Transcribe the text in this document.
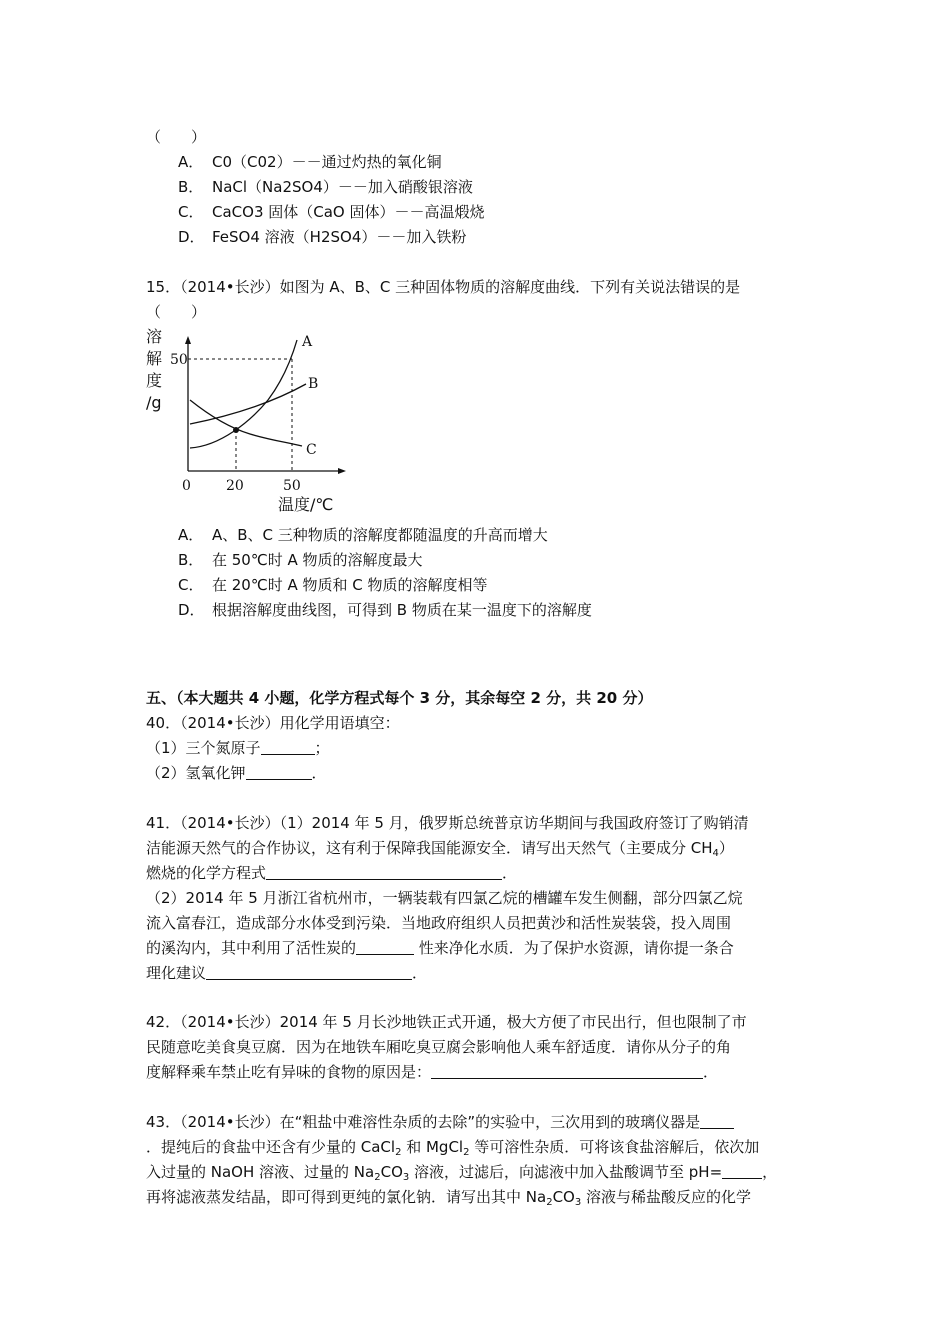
（　　）
A． C0（C02）－－通过灼热的氧化铜
B． NaCl（Na2SO4）－－加入硝酸银溶液
C． CaCO3 固体（CaO 固体）－－高温煅烧
D． FeSO4 溶液（H2SO4）－－加入铁粉
15．（2014•长沙）如图为 A、B、C 三种固体物质的溶解度曲线．下列有关说法错误的是
（　　）
溶
解
度
/g
A
B
C
50
0	20	50
温度/℃
A． A、B、C 三种物质的溶解度都随温度的升高而增大
B． 在 50℃时 A 物质的溶解度最大
C． 在 20℃时 A 物质和 C 物质的溶解度相等
D． 根据溶解度曲线图，可得到 B 物质在某一温度下的溶解度
五、（本大题共 4 小题，化学方程式每个 3 分，其余每空 2 分，共 20 分）
40．（2014•长沙）用化学用语填空：
（1）三个氮原子	；
（2）氢氧化钾	．
41．（2014•长沙）（1）2014 年 5 月，俄罗斯总统普京访华期间与我国政府签订了购销清
洁能源天然气的合作协议，这有利于保障我国能源安全．请写出天然气（主要成分 $CH_4$）
燃烧的化学方程式	．
（2）2014 年 5 月浙江省杭州市，一辆装载有四氯乙烷的槽罐车发生侧翻，部分四氯乙烷
流入富春江，造成部分水体受到污染．当地政府组织人员把黄沙和活性炭装袋，投入周围
的溪沟内，其中利用了活性炭的	性来净化水质．为了保护水资源，请你提一条合
理化建议	．
42．（2014•长沙）2014 年 5 月长沙地铁正式开通，极大方便了市民出行，但也限制了市
民随意吃美食臭豆腐．因为在地铁车厢吃臭豆腐会影响他人乘车舒适度．请你从分子的角
度解释乘车禁止吃有异味的食物的原因是：	．
43．（2014•长沙）在“粗盐中难溶性杂质的去除”的实验中，三次用到的玻璃仪器是
．提纯后的食盐中还含有少量的 CaCl$_2$ 和 MgCl$_2$ 等可溶性杂质．可将该食盐溶解后，依次加
入过量的 NaOH 溶液、过量的 $Na_2CO_3$ 溶液，过滤后，向滤液中加入盐酸调节至 pH=	，
再将滤液蒸发结晶，即可得到更纯的氯化钠．请写出其中 $Na_2CO_3$ 溶液与稀盐酸反应的化学
